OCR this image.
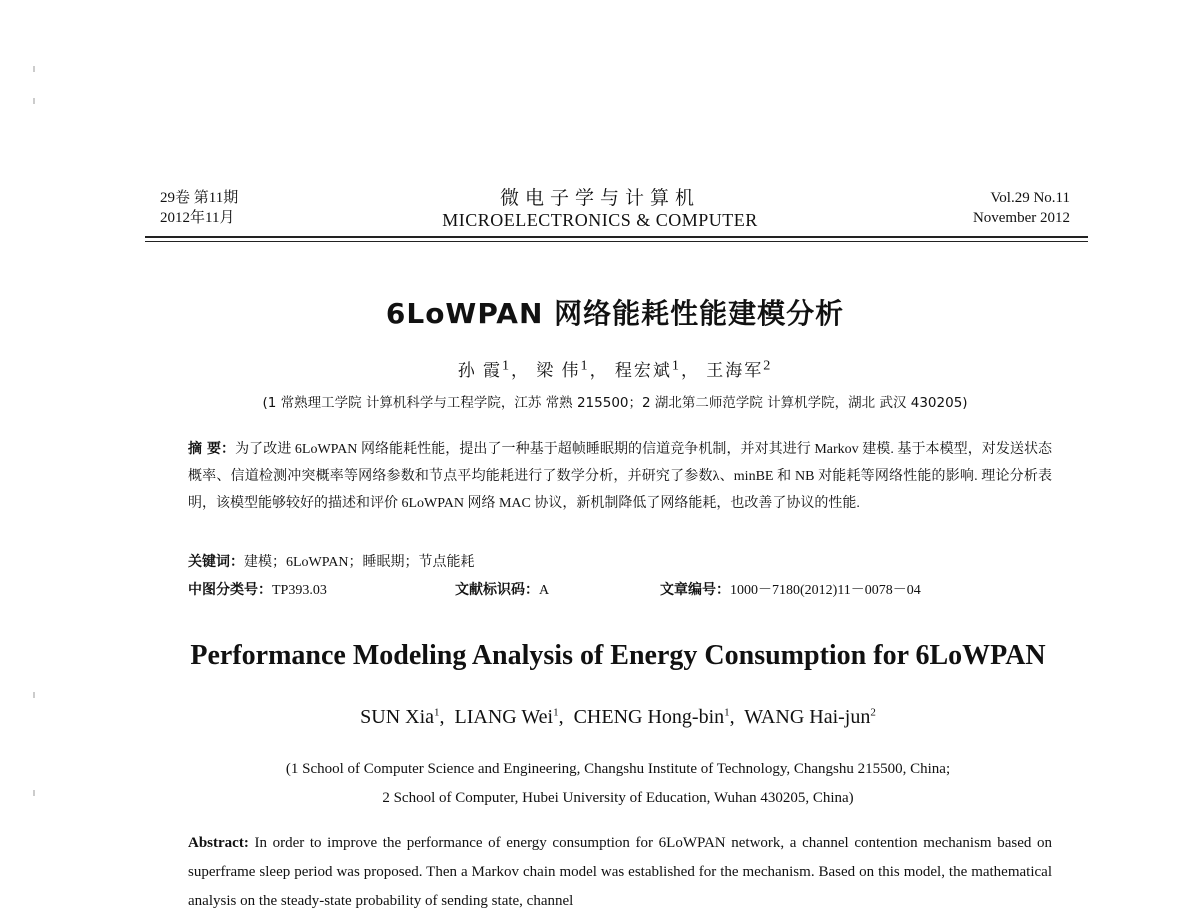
29卷 第11期
2012年11月
微电子学与计算机
MICROELECTRONICS & COMPUTER
Vol.29 No.11
November 2012
6LoWPAN 网络能耗性能建模分析
孙 霞$^1$， 梁 伟$^1$， 程宏斌$^1$， 王海军$^2$
(1 常熟理工学院 计算机科学与工程学院，江苏 常熟 215500；2 湖北第二师范学院 计算机学院，湖北 武汉 430205)
摘 要：为了改进 6LoWPAN 网络能耗性能，提出了一种基于超帧睡眠期的信道竞争机制，并对其进行 Markov 建模. 基于本模型，对发送状态概率、信道检测冲突概率等网络参数和节点平均能耗进行了数学分析，并研究了参数λ、minBE 和 NB 对能耗等网络性能的影响. 理论分析表明，该模型能够较好的描述和评价 6LoWPAN 网络 MAC 协议，新机制降低了网络能耗，也改善了协议的性能.
关键词：建模；6LoWPAN；睡眠期；节点能耗
中图分类号：TP393.03	文献标识码：A	文章编号：1000－7180(2012)11－0078－04
Performance Modeling Analysis of Energy Consumption for 6LoWPAN
SUN Xia$^1$,  LIANG Wei$^1$,  CHENG Hong-bin$^1$,  WANG Hai-jun$^2$
(1 School of Computer Science and Engineering, Changshu Institute of Technology, Changshu 215500, China;
2 School of Computer, Hubei University of Education, Wuhan 430205, China)
Abstract: In order to improve the performance of energy consumption for 6LoWPAN network, a channel contention mechanism based on superframe sleep period was proposed. Then a Markov chain model was established for the mechanism. Based on this model, the mathematical analysis on the steady-state probability of sending state, channel
